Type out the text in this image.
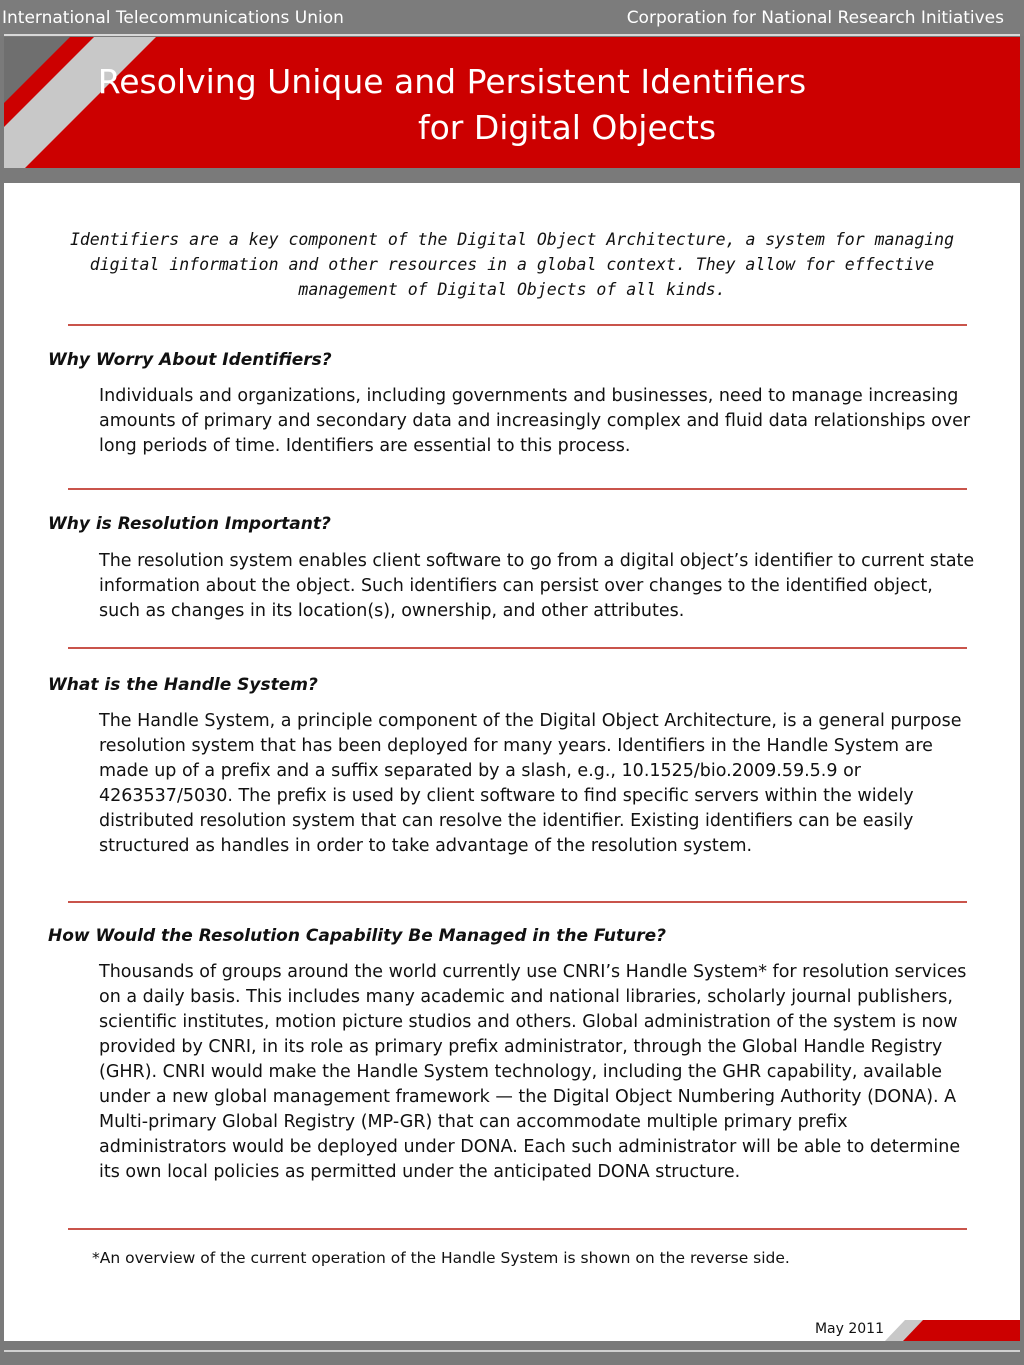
International Telecommunications Union	Corporation for National Research Initiatives
Resolving Unique and Persistent Identifiers
for Digital Objects
Identifiers are a key component of the Digital Object Architecture, a system for managing digital information and other resources in a global context. They allow for effective management of Digital Objects of all kinds.
Why Worry About Identifiers?
Individuals and organizations, including governments and businesses, need to manage increasing amounts of primary and secondary data and increasingly complex and fluid data relationships over long periods of time. Identifiers are essential to this process.
Why is Resolution Important?
The resolution system enables client software to go from a digital object’s identifier to current state information about the object. Such identifiers can persist over changes to the identified object, such as changes in its location(s), ownership, and other attributes.
What is the Handle System?
The Handle System, a principle component of the Digital Object Architecture, is a general purpose resolution system that has been deployed for many years. Identifiers in the Handle System are made up of a prefix and a suffix separated by a slash, e.g., 10.1525/bio.2009.59.5.9 or 4263537/5030. The prefix is used by client software to find specific servers within the widely distributed resolution system that can resolve the identifier. Existing identifiers can be easily structured as handles in order to take advantage of the resolution system.
How Would the Resolution Capability Be Managed in the Future?
Thousands of groups around the world currently use CNRI’s Handle System* for resolution services on a daily basis. This includes many academic and national libraries, scholarly journal publishers, scientific institutes, motion picture studios and others. Global administration of the system is now provided by CNRI, in its role as primary prefix administrator, through the Global Handle Registry (GHR). CNRI would make the Handle System technology, including the GHR capability, available under a new global management framework — the Digital Object Numbering Authority (DONA). A Multi-primary Global Registry (MP-GR) that can accommodate multiple primary prefix administrators would be deployed under DONA. Each such administrator will be able to determine its own local policies as permitted under the anticipated DONA structure.
*An overview of the current operation of the Handle System is shown on the reverse side.
May 2011
